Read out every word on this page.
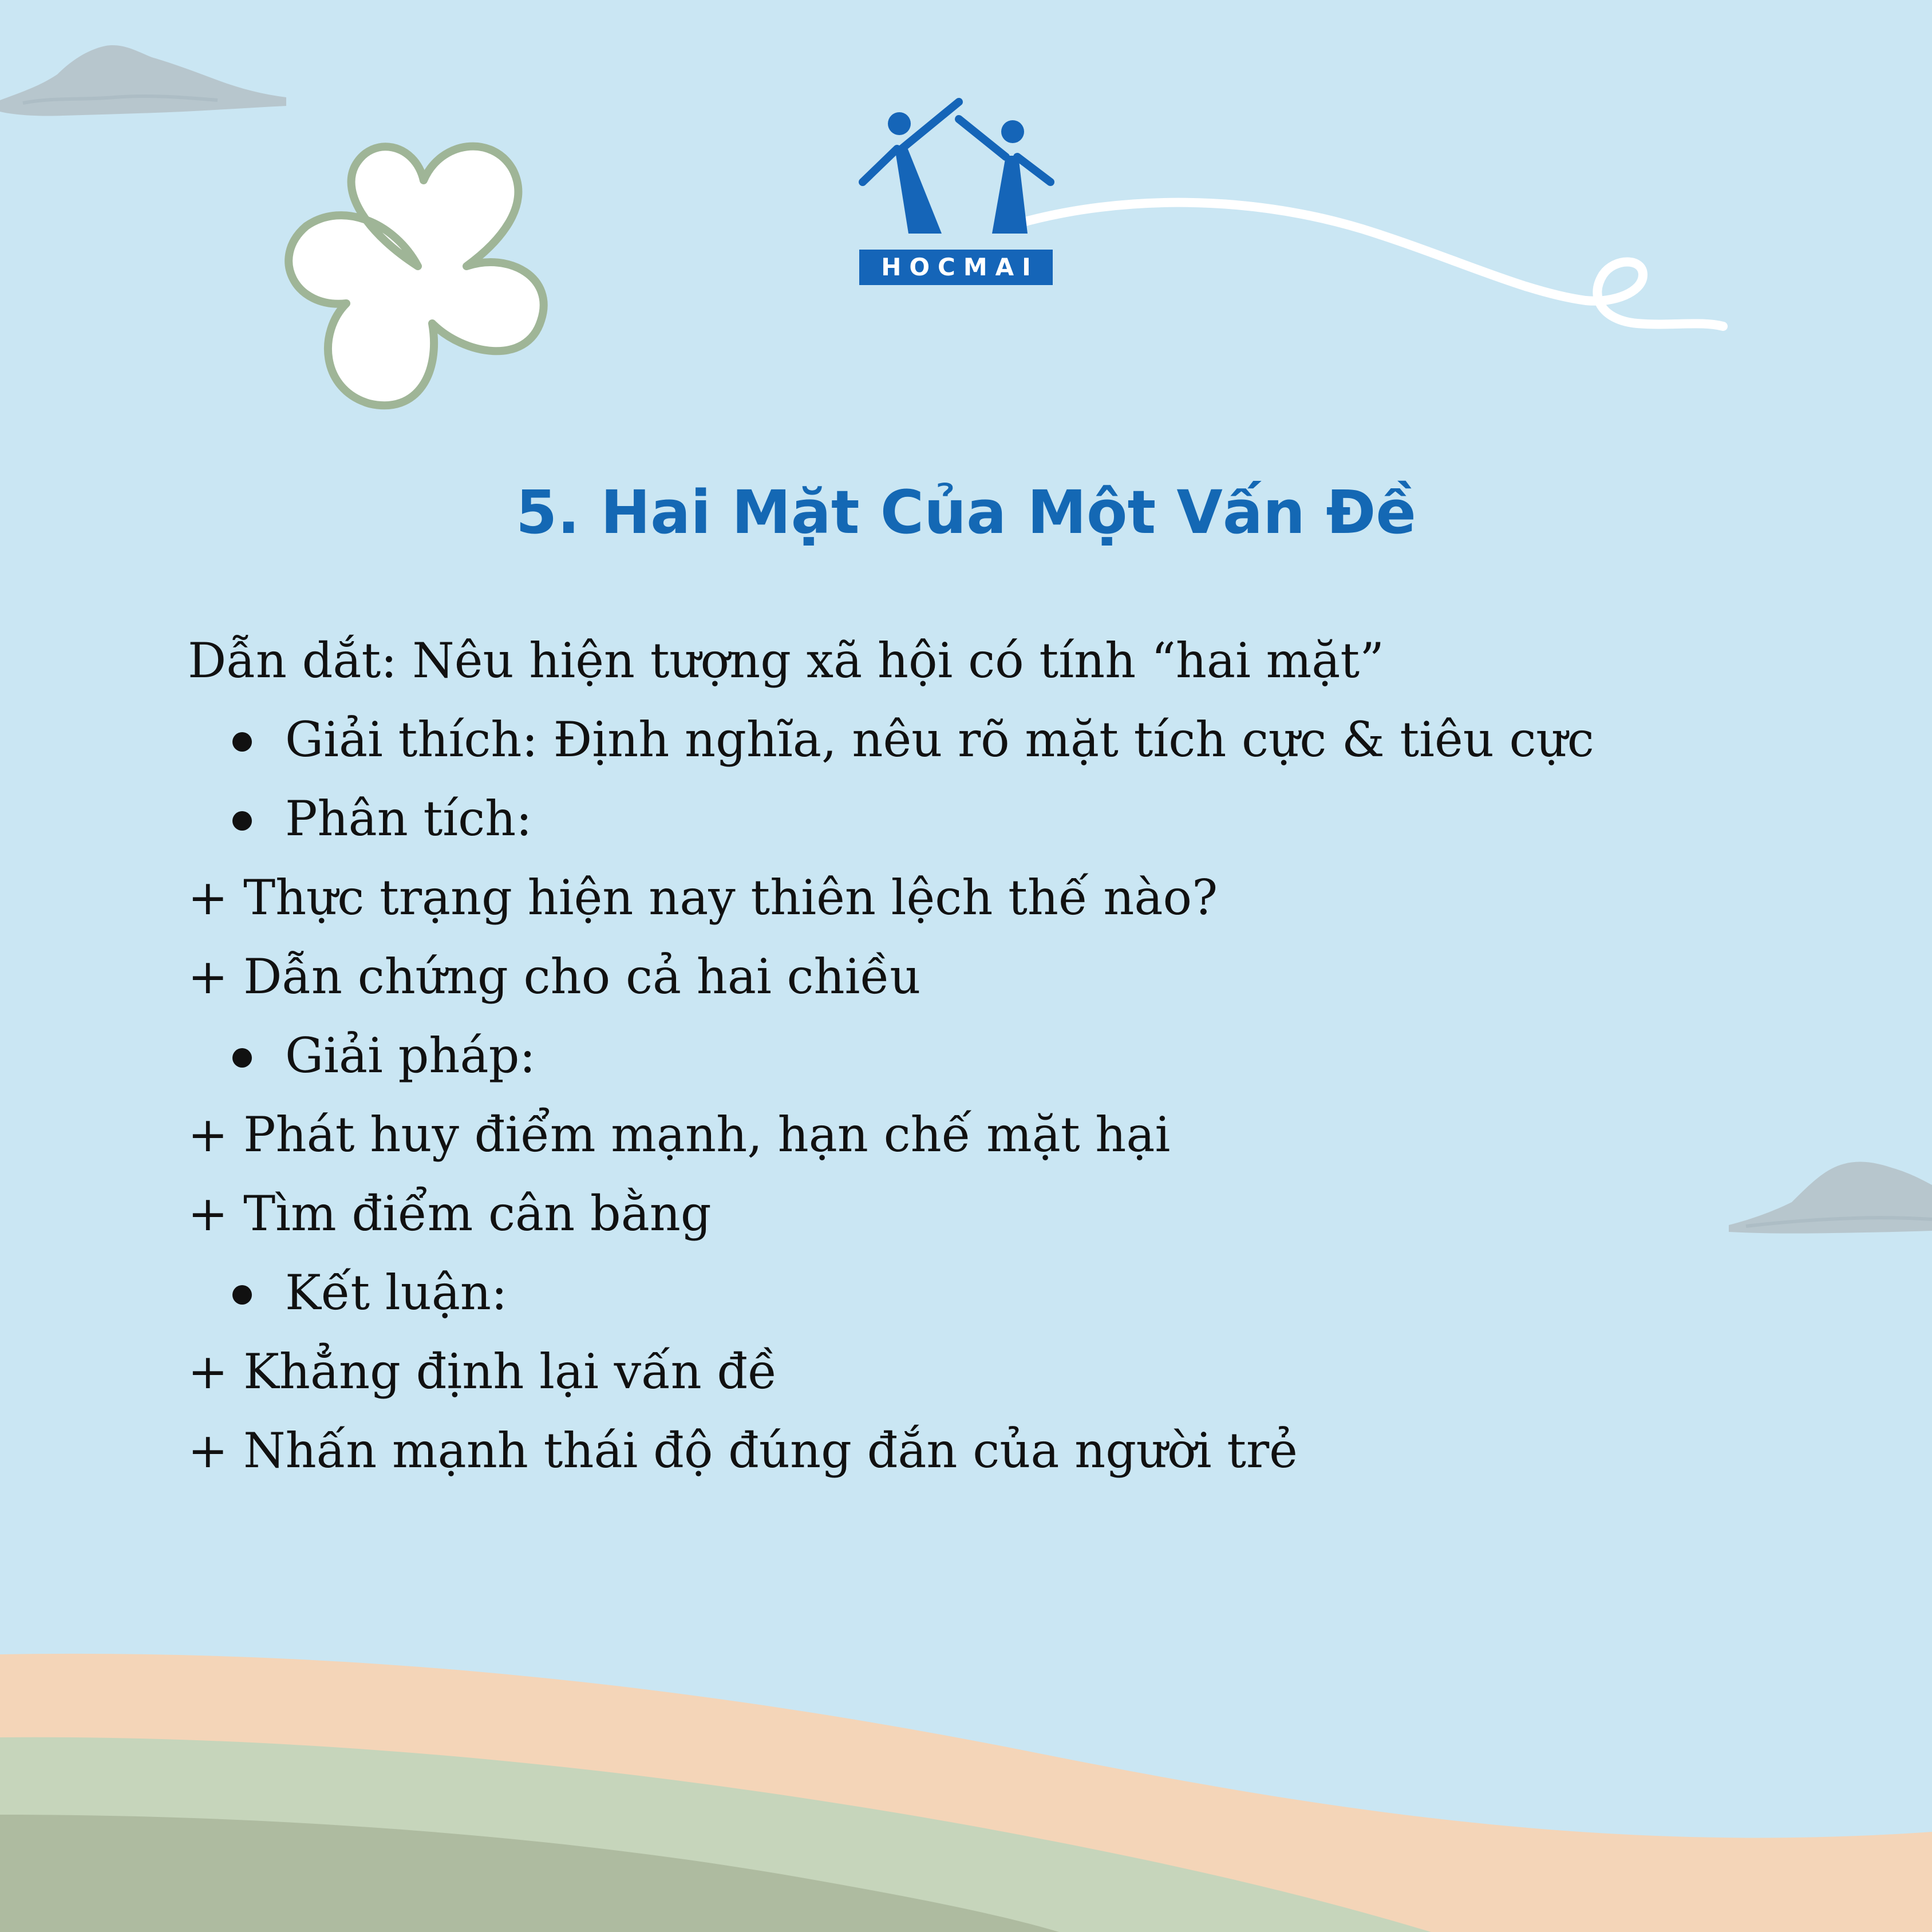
HOCMAI
5. Hai Mặt Của Một Vấn Đề
Dẫn dắt: Nêu hiện tượng xã hội có tính “hai mặt”
Giải thích: Định nghĩa, nêu rõ mặt tích cực & tiêu cực
Phân tích:
+ Thực trạng hiện nay thiên lệch thế nào?
+ Dẫn chứng cho cả hai chiều
Giải pháp:
+ Phát huy điểm mạnh, hạn chế mặt hại
+ Tìm điểm cân bằng
Kết luận:
+ Khẳng định lại vấn đề
+ Nhấn mạnh thái độ đúng đắn của người trẻ
